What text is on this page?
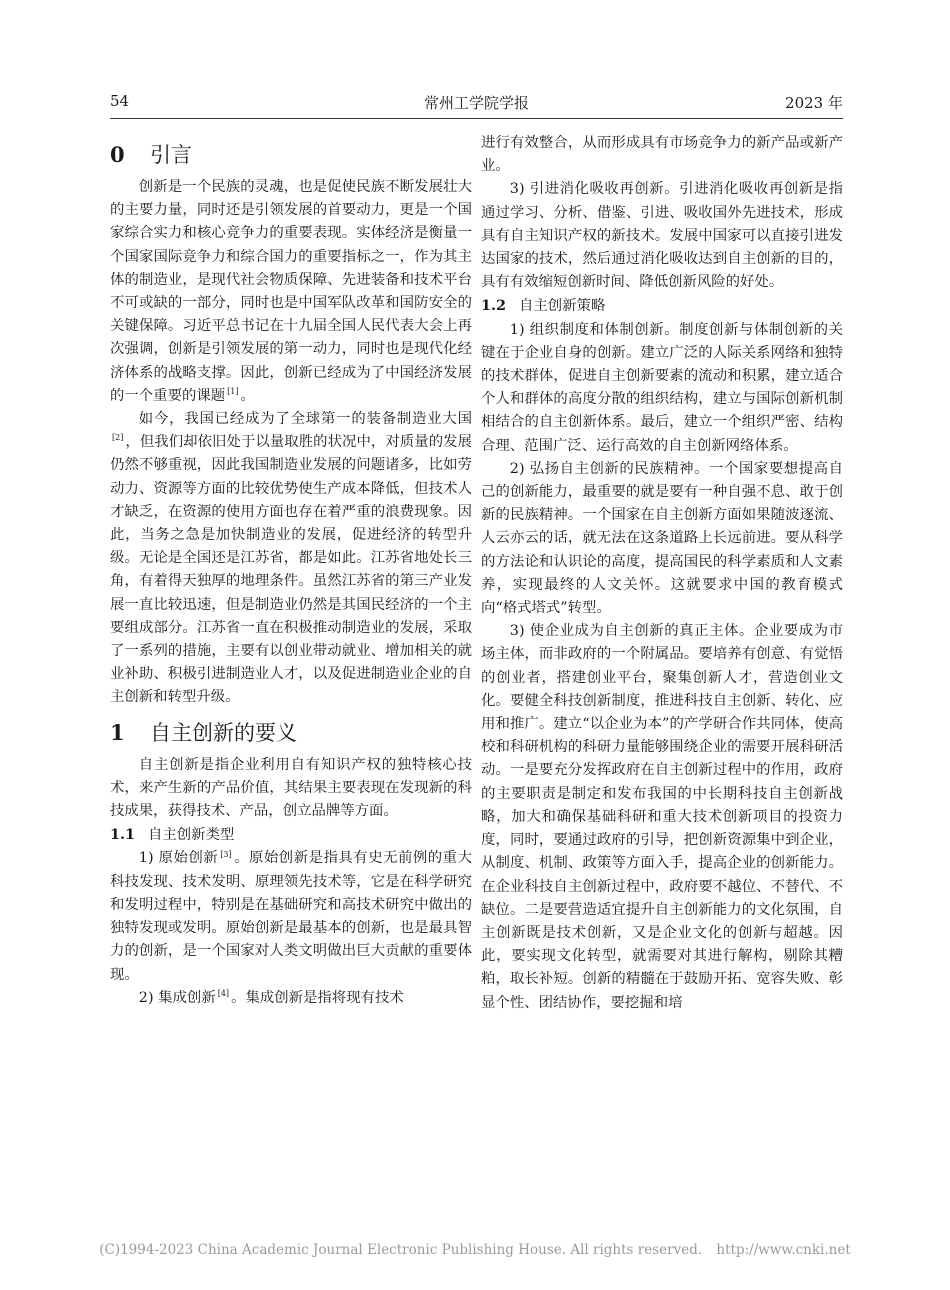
54	常州工学院学报	2023 年
0 引言

创新是一个民族的灵魂，也是促使民族不断发展壮大的主要力量，同时还是引领发展的首要动力，更是一个国家综合实力和核心竞争力的重要表现。实体经济是衡量一个国家国际竞争力和综合国力的重要指标之一，作为其主体的制造业，是现代社会物质保障、先进装备和技术平台不可或缺的一部分，同时也是中国军队改革和国防安全的关键保障。习近平总书记在十九届全国人民代表大会上再次强调，创新是引领发展的第一动力，同时也是现代化经济体系的战略支撑。因此，创新已经成为了中国经济发展的一个重要的课题 [1] 。

如今，我国已经成为了全球第一的装备制造业大国[2] ，但我们却依旧处于以量取胜的状况中，对质量的发展仍然不够重视，因此我国制造业发展的问题诸多，比如劳动力、资源等方面的比较优势使生产成本降低，但技术人才缺乏，在资源的使用方面也存在着严重的浪费现象。因此，当务之急是加快制造业的发展，促进经济的转型升级。无论是全国还是江苏省，都是如此。江苏省地处长三角，有着得天独厚的地理条件。虽然江苏省的第三产业发展一直比较迅速，但是制造业仍然是其国民经济的一个主要组成部分。江苏省一直在积极推动制造业的发展，采取了一系列的措施，主要有以创业带动就业、增加相关的就业补助、积极引进制造业人才，以及促进制造业企业的自主创新和转型升级。

1 自主创新的要义

自主创新是指企业利用自有知识产权的独特核心技术，来产生新的产品价值，其结果主要表现在发现新的科技成果，获得技术、产品，创立品牌等方面。

1.1 自主创新类型

1) 原始创新 [3] 。原始创新是指具有史无前例的重大科技发现、技术发明、原理领先技术等，它是在科学研究和发明过程中，特别是在基础研究和高技术研究中做出的独特发现或发明。原始创新是最基本的创新，也是最具智力的创新，是一个国家对人类文明做出巨大贡献的重要体现。

2) 集成创新 [4] 。集成创新是指将现有技术

进行有效整合，从而形成具有市场竞争力的新产品或新产业。

3) 引进消化吸收再创新。引进消化吸收再创新是指通过学习、分析、借鉴、引进、吸收国外先进技术，形成具有自主知识产权的新技术。发展中国家可以直接引进发达国家的技术，然后通过消化吸收达到自主创新的目的，具有有效缩短创新时间、降低创新风险的好处。

1.2 自主创新策略

1) 组织制度和体制创新。制度创新与体制创新的关键在于企业自身的创新。建立广泛的人际关系网络和独特的技术群体，促进自主创新要素的流动和积累，建立适合个人和群体的高度分散的组织结构，建立与国际创新机制相结合的自主创新体系。最后，建立一个组织严密、结构合理、范围广泛、运行高效的自主创新网络体系。

2) 弘扬自主创新的民族精神。一个国家要想提高自己的创新能力，最重要的就是要有一种自强不息、敢于创新的民族精神。一个国家在自主创新方面如果随波逐流、人云亦云的话，就无法在这条道路上长远前进。要从科学的方法论和认识论的高度，提高国民的科学素质和人文素养，实现最终的人文关怀。这就要求中国的教育模式向“格式塔式”转型。

3) 使企业成为自主创新的真正主体。企业要成为市场主体，而非政府的一个附属品。要培养有创意、有觉悟的创业者，搭建创业平台，聚集创新人才，营造创业文化。要健全科技创新制度，推进科技自主创新、转化、应用和推广。建立“以企业为本”的产学研合作共同体，使高校和科研机构的科研力量能够围绕企业的需要开展科研活动。一是要充分发挥政府在自主创新过程中的作用，政府的主要职责是制定和发布我国的中长期科技自主创新战略，加大和确保基础科研和重大技术创新项目的投资力度，同时，要通过政府的引导，把创新资源集中到企业，从制度、机制、政策等方面入手，提高企业的创新能力。在企业科技自主创新过程中，政府要不越位、不替代、不缺位。二是要营造适宜提升自主创新能力的文化氛围，自主创新既是技术创新，又是企业文化的创新与超越。因此，要实现文化转型，就需要对其进行解构，剔除其糟粕，取长补短。创新的精髓在于鼓励开拓、宽容失败、彰显个性、团结协作，要挖掘和培

(C)1994-2023 China Academic Journal Electronic Publishing House. All rights reserved. http://www.cnki.net
